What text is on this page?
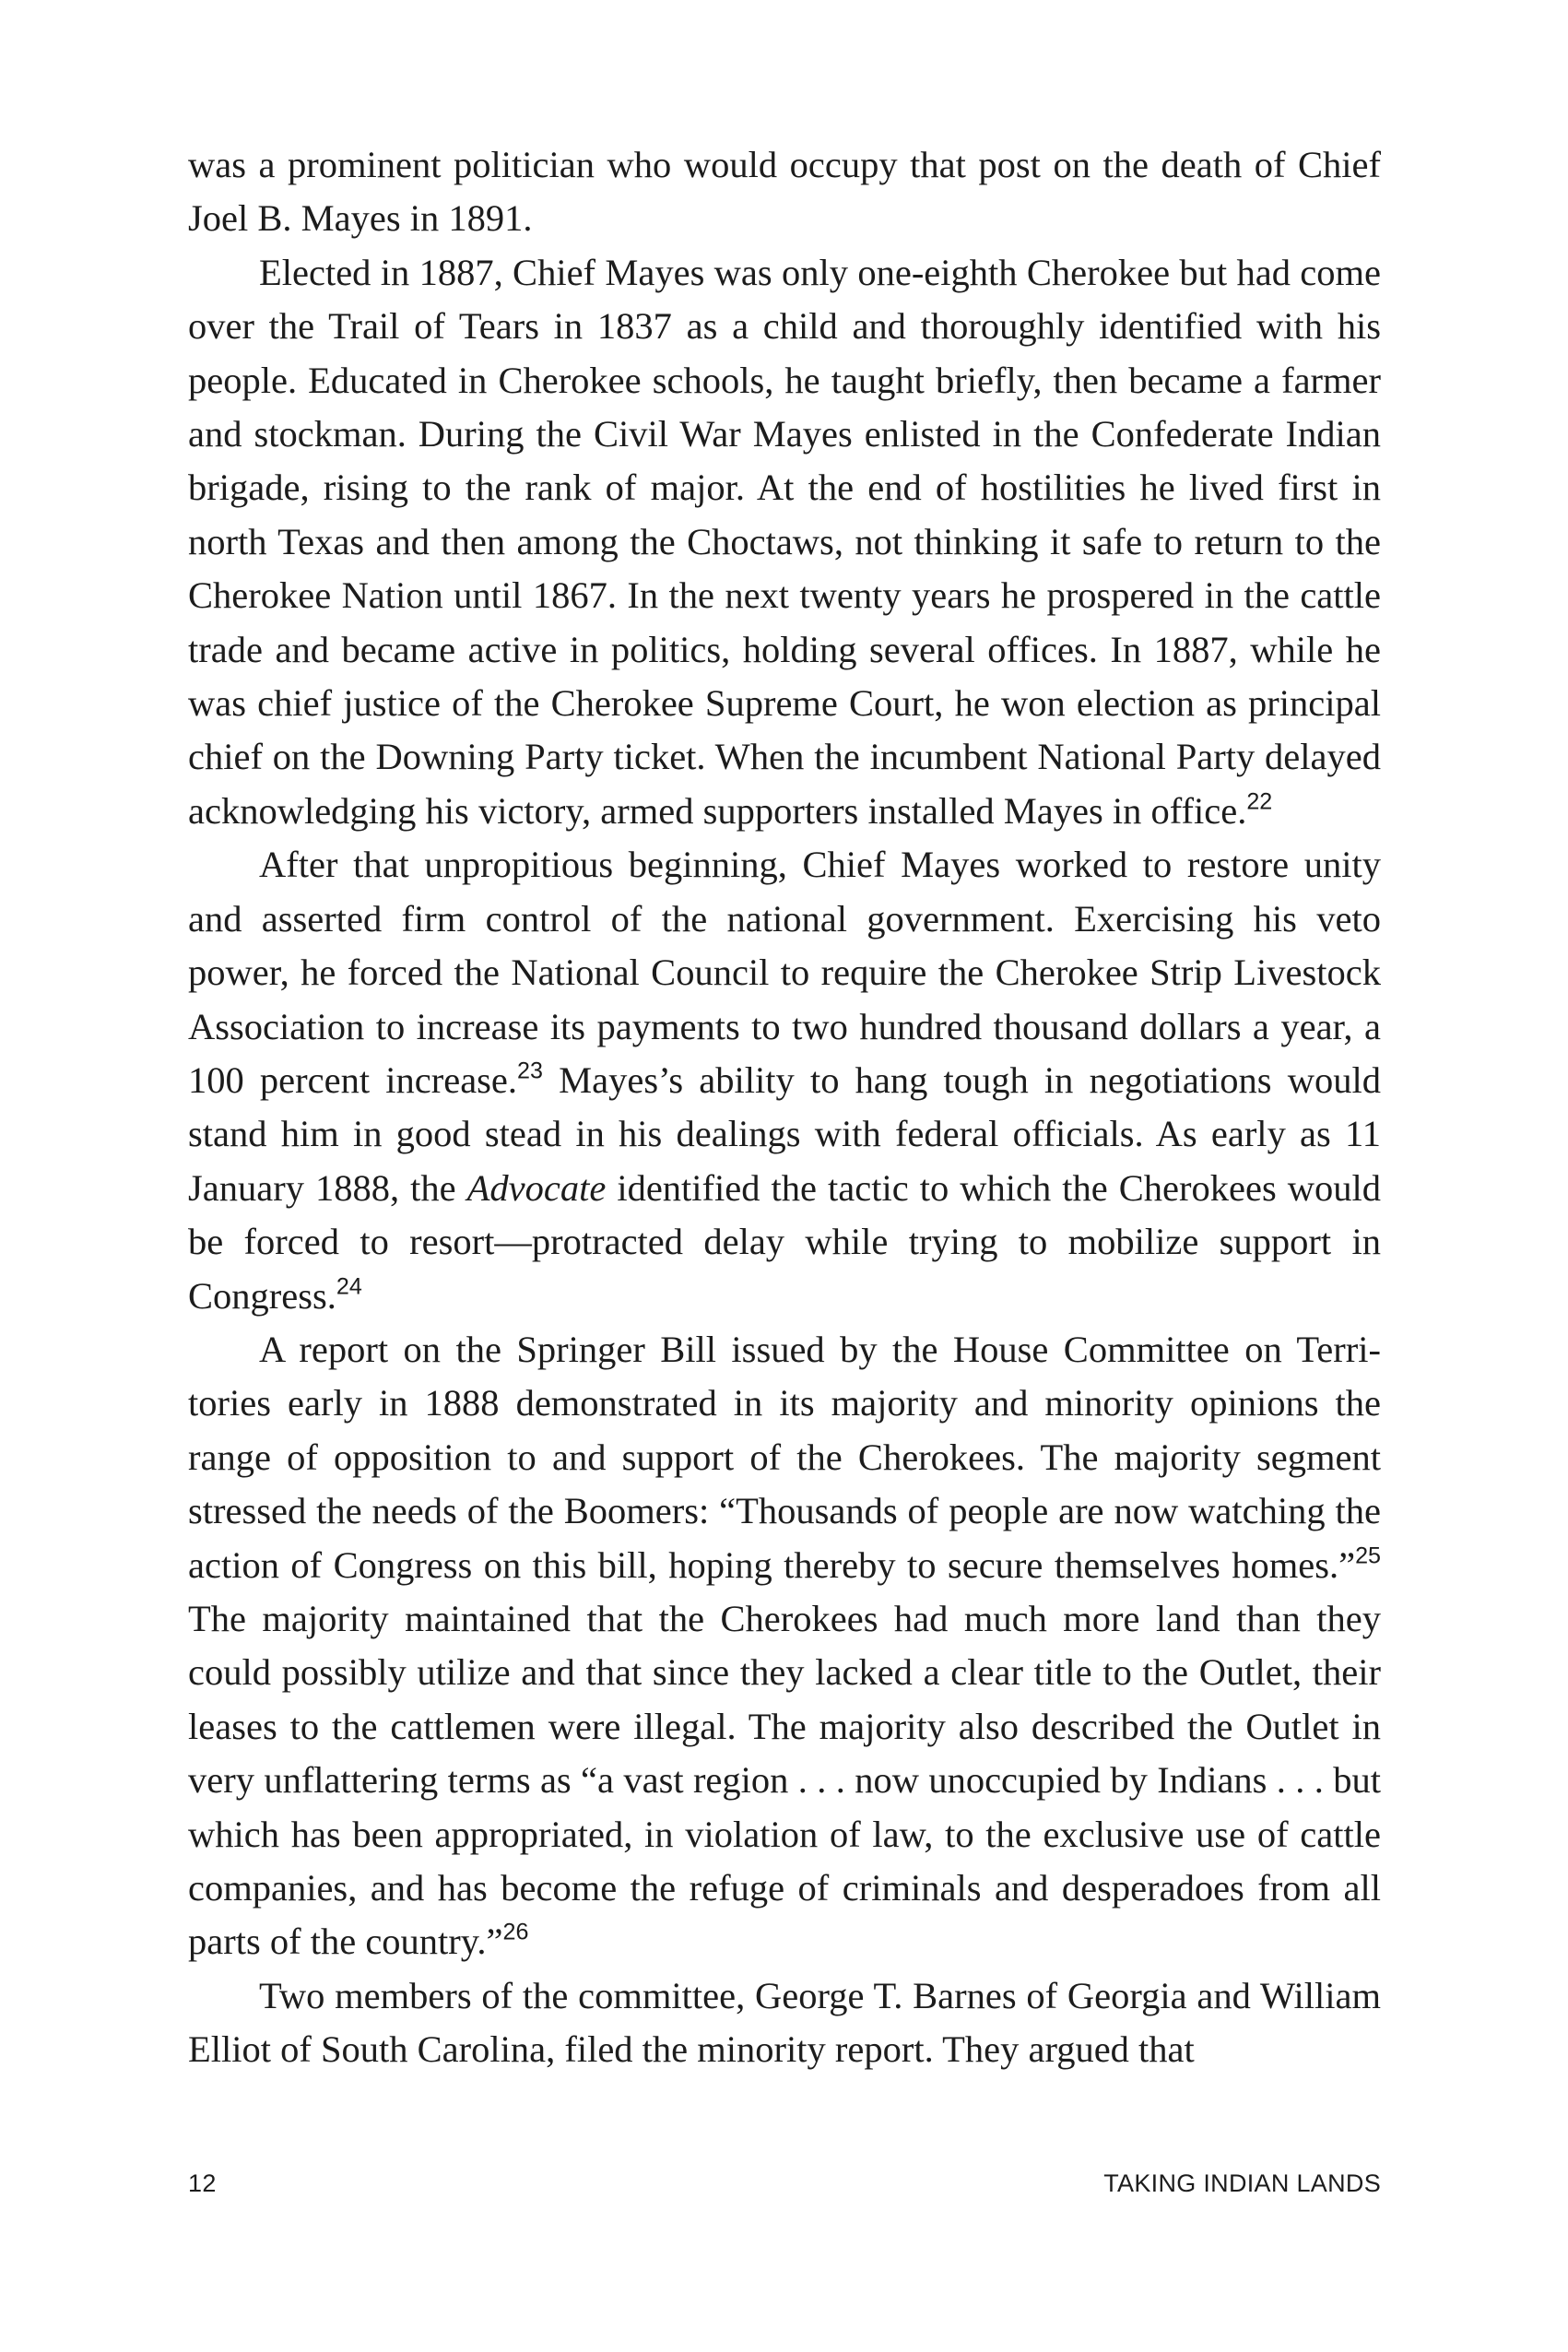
was a prominent politician who would occupy that post on the death of Chief Joel B. Mayes in 1891.

Elected in 1887, Chief Mayes was only one-eighth Cherokee but had come over the Trail of Tears in 1837 as a child and thoroughly identified with his people. Educated in Cherokee schools, he taught briefly, then became a farmer and stockman. During the Civil War Mayes enlisted in the Confederate Indian brigade, rising to the rank of major. At the end of hostilities he lived first in north Texas and then among the Choctaws, not thinking it safe to return to the Cherokee Nation until 1867. In the next twenty years he prospered in the cattle trade and became active in politics, holding several offices. In 1887, while he was chief justice of the Cherokee Supreme Court, he won election as principal chief on the Downing Party ticket. When the incumbent National Party delayed acknowledging his victory, armed supporters installed Mayes in office.$^{22}$

After that unpropitious beginning, Chief Mayes worked to restore unity and asserted firm control of the national government. Exercising his veto power, he forced the National Council to require the Cherokee Strip Livestock Association to increase its payments to two hundred thousand dollars a year, a 100 percent increase.$^{23}$ Mayes’s ability to hang tough in negotiations would stand him in good stead in his dealings with federal officials. As early as 11 January 1888, the Advocate identified the tactic to which the Cherokees would be forced to resort—protracted delay while trying to mobilize support in Congress.$^{24}$

A report on the Springer Bill issued by the House Committee on Territories early in 1888 demonstrated in its majority and minority opinions the range of opposition to and support of the Cherokees. The majority segment stressed the needs of the Boomers: “Thousands of people are now watching the action of Congress on this bill, hoping thereby to secure themselves homes.”$^{25}$ The majority maintained that the Cherokees had much more land than they could possibly utilize and that since they lacked a clear title to the Outlet, their leases to the cattlemen were illegal. The majority also described the Outlet in very unflattering terms as “a vast region . . . now unoccupied by Indians . . . but which has been appropriated, in violation of law, to the exclusive use of cattle companies, and has become the refuge of criminals and desperadoes from all parts of the country.”$^{26}$

Two members of the committee, George T. Barnes of Georgia and William Elliot of South Carolina, filed the minority report. They argued that

12	TAKING INDIAN LANDS
